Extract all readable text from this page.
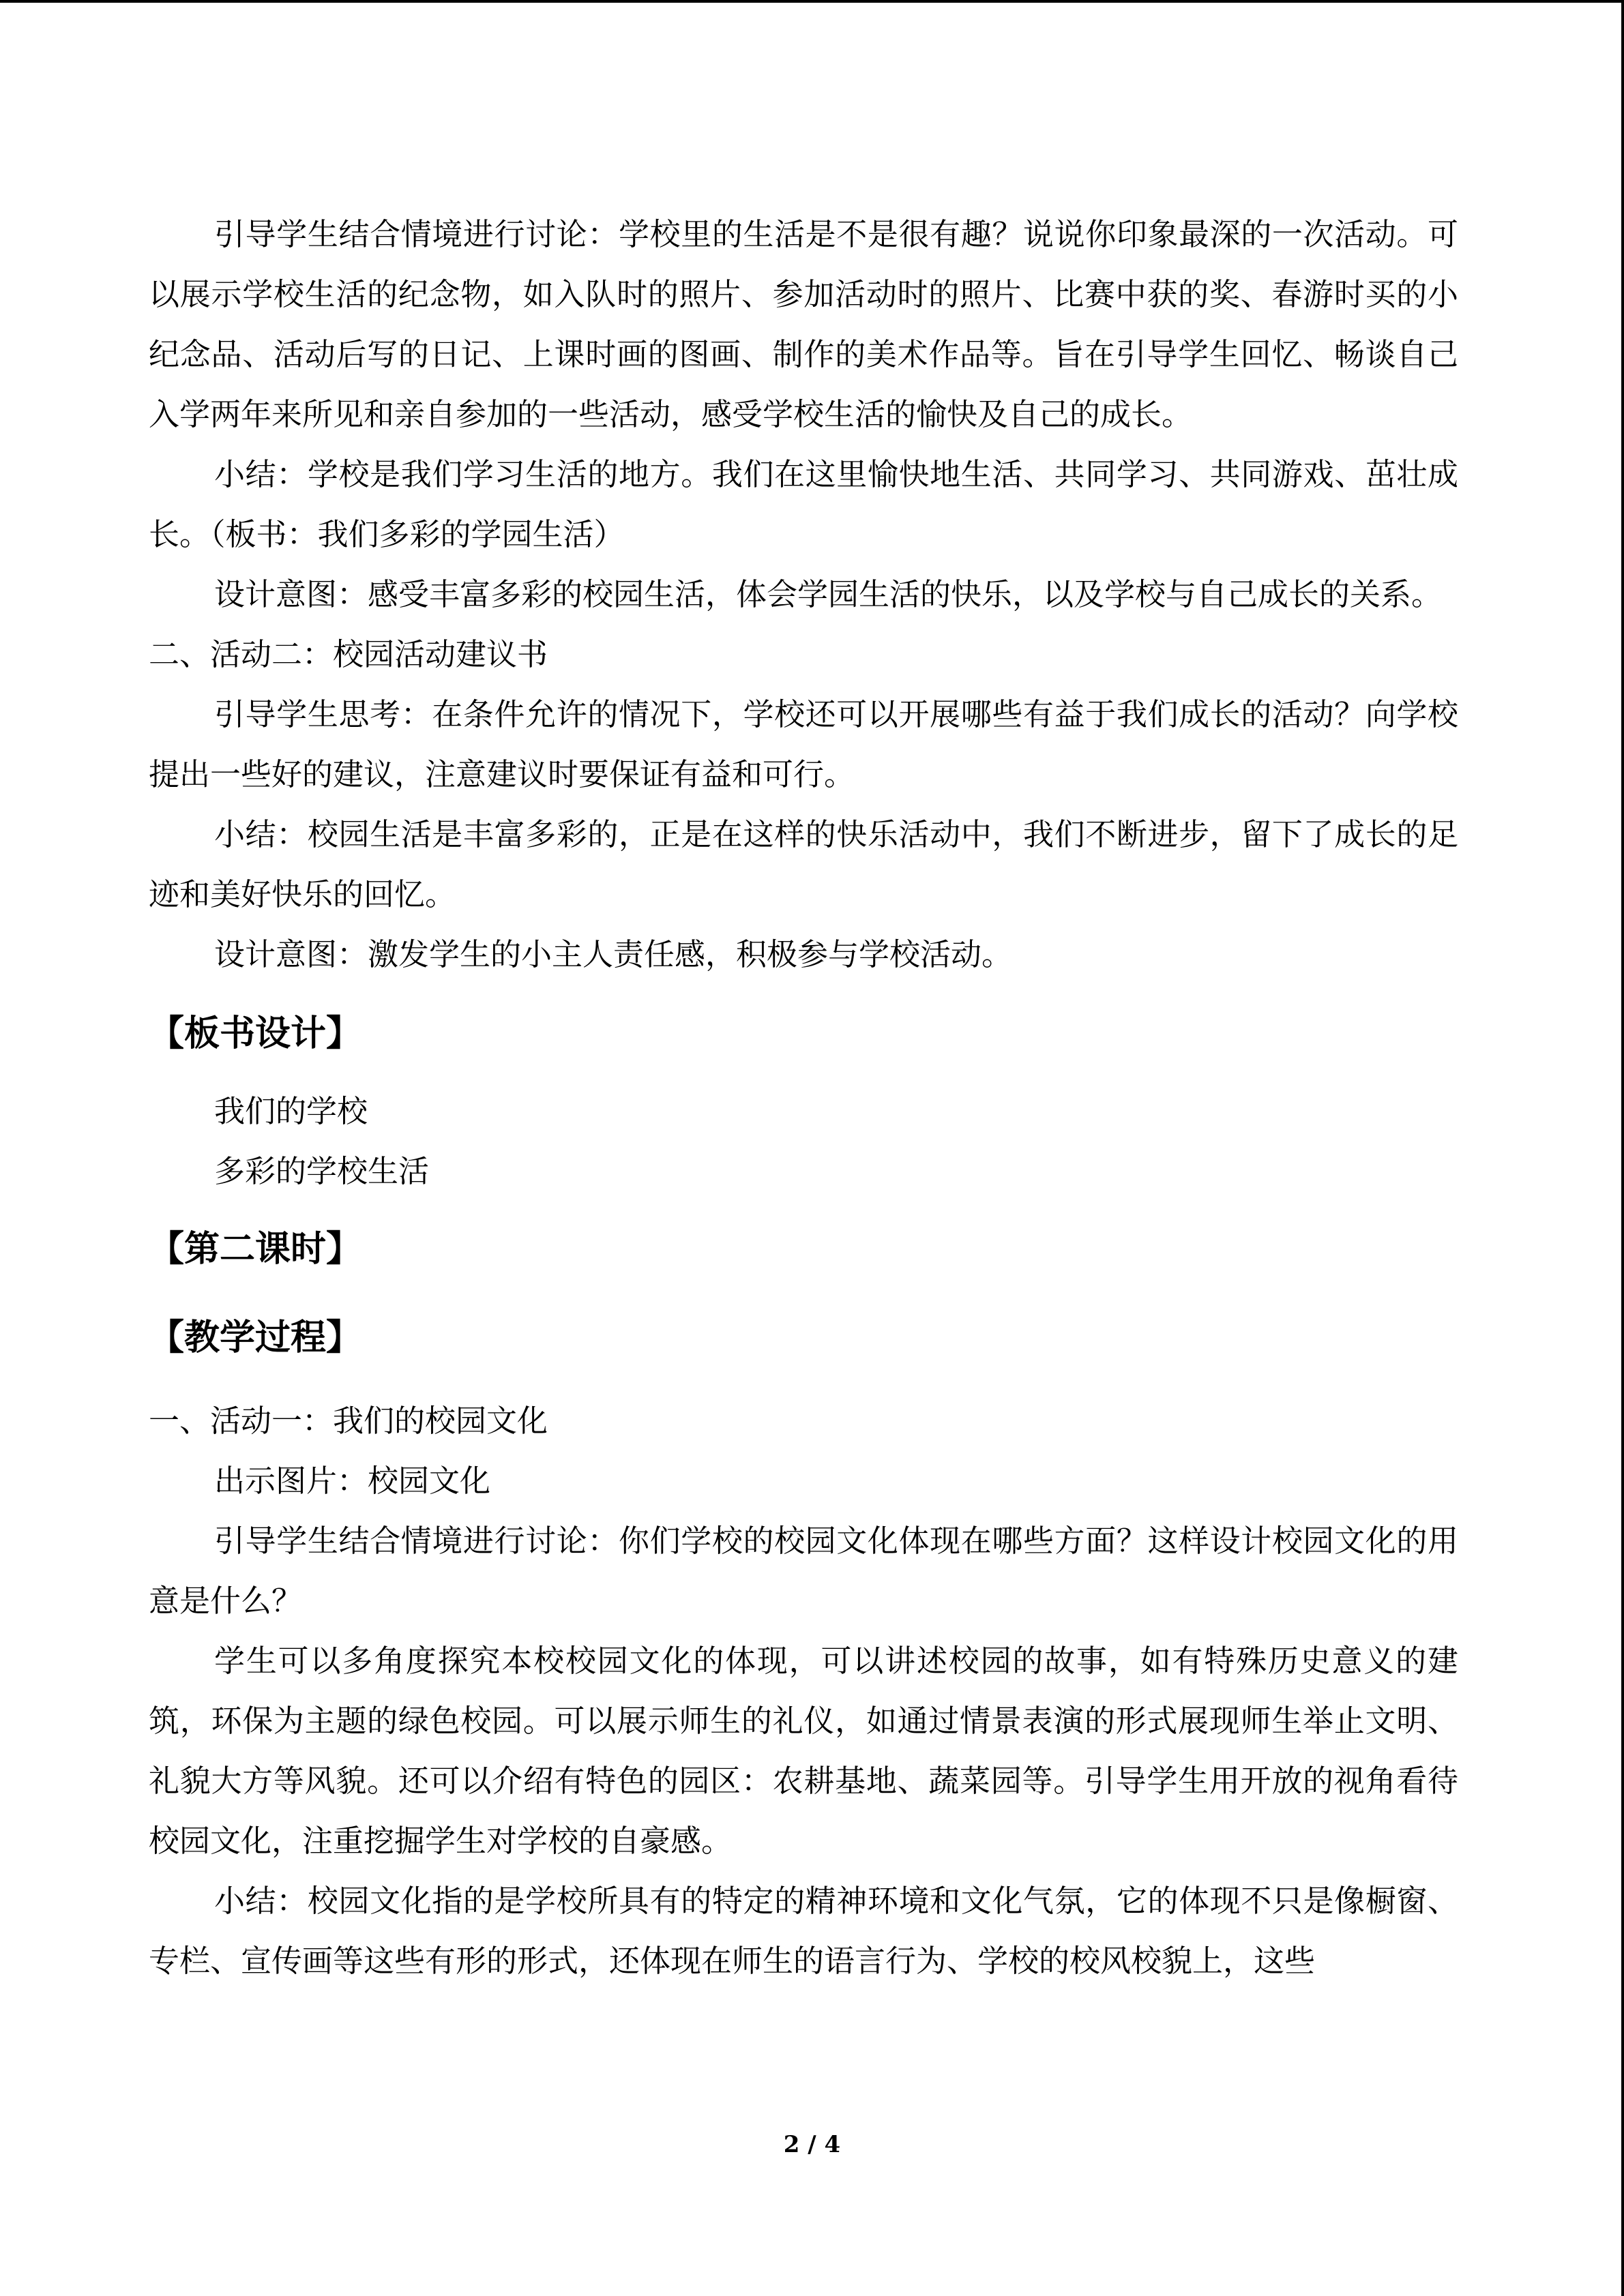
引导学生结合情境进行讨论：学校里的生活是不是很有趣？说说你印象最深的一次活动。可以展示学校生活的纪念物，如入队时的照片、参加活动时的照片、比赛中获的奖、春游时买的小纪念品、活动后写的日记、上课时画的图画、制作的美术作品等。旨在引导学生回忆、畅谈自己入学两年来所见和亲自参加的一些活动，感受学校生活的愉快及自己的成长。

小结：学校是我们学习生活的地方。我们在这里愉快地生活、共同学习、共同游戏、茁壮成长。（板书：我们多彩的学园生活）

设计意图：感受丰富多彩的校园生活，体会学园生活的快乐，以及学校与自己成长的关系。

二、活动二：校园活动建议书

引导学生思考：在条件允许的情况下，学校还可以开展哪些有益于我们成长的活动？向学校提出一些好的建议，注意建议时要保证有益和可行。

小结：校园生活是丰富多彩的，正是在这样的快乐活动中，我们不断进步，留下了成长的足迹和美好快乐的回忆。

设计意图：激发学生的小主人责任感，积极参与学校活动。

【板书设计】

我们的学校

多彩的学校生活

【第二课时】
【教学过程】

一、活动一：我们的校园文化

出示图片：校园文化

引导学生结合情境进行讨论：你们学校的校园文化体现在哪些方面？这样设计校园文化的用意是什么？

学生可以多角度探究本校校园文化的体现，可以讲述校园的故事，如有特殊历史意义的建筑，环保为主题的绿色校园。可以展示师生的礼仪，如通过情景表演的形式展现师生举止文明、礼貌大方等风貌。还可以介绍有特色的园区：农耕基地、蔬菜园等。引导学生用开放的视角看待校园文化，注重挖掘学生对学校的自豪感。

小结：校园文化指的是学校所具有的特定的精神环境和文化气氛，它的体现不只是像橱窗、专栏、宣传画等这些有形的形式，还体现在师生的语言行为、学校的校风校貌上，这些

2 / 4
